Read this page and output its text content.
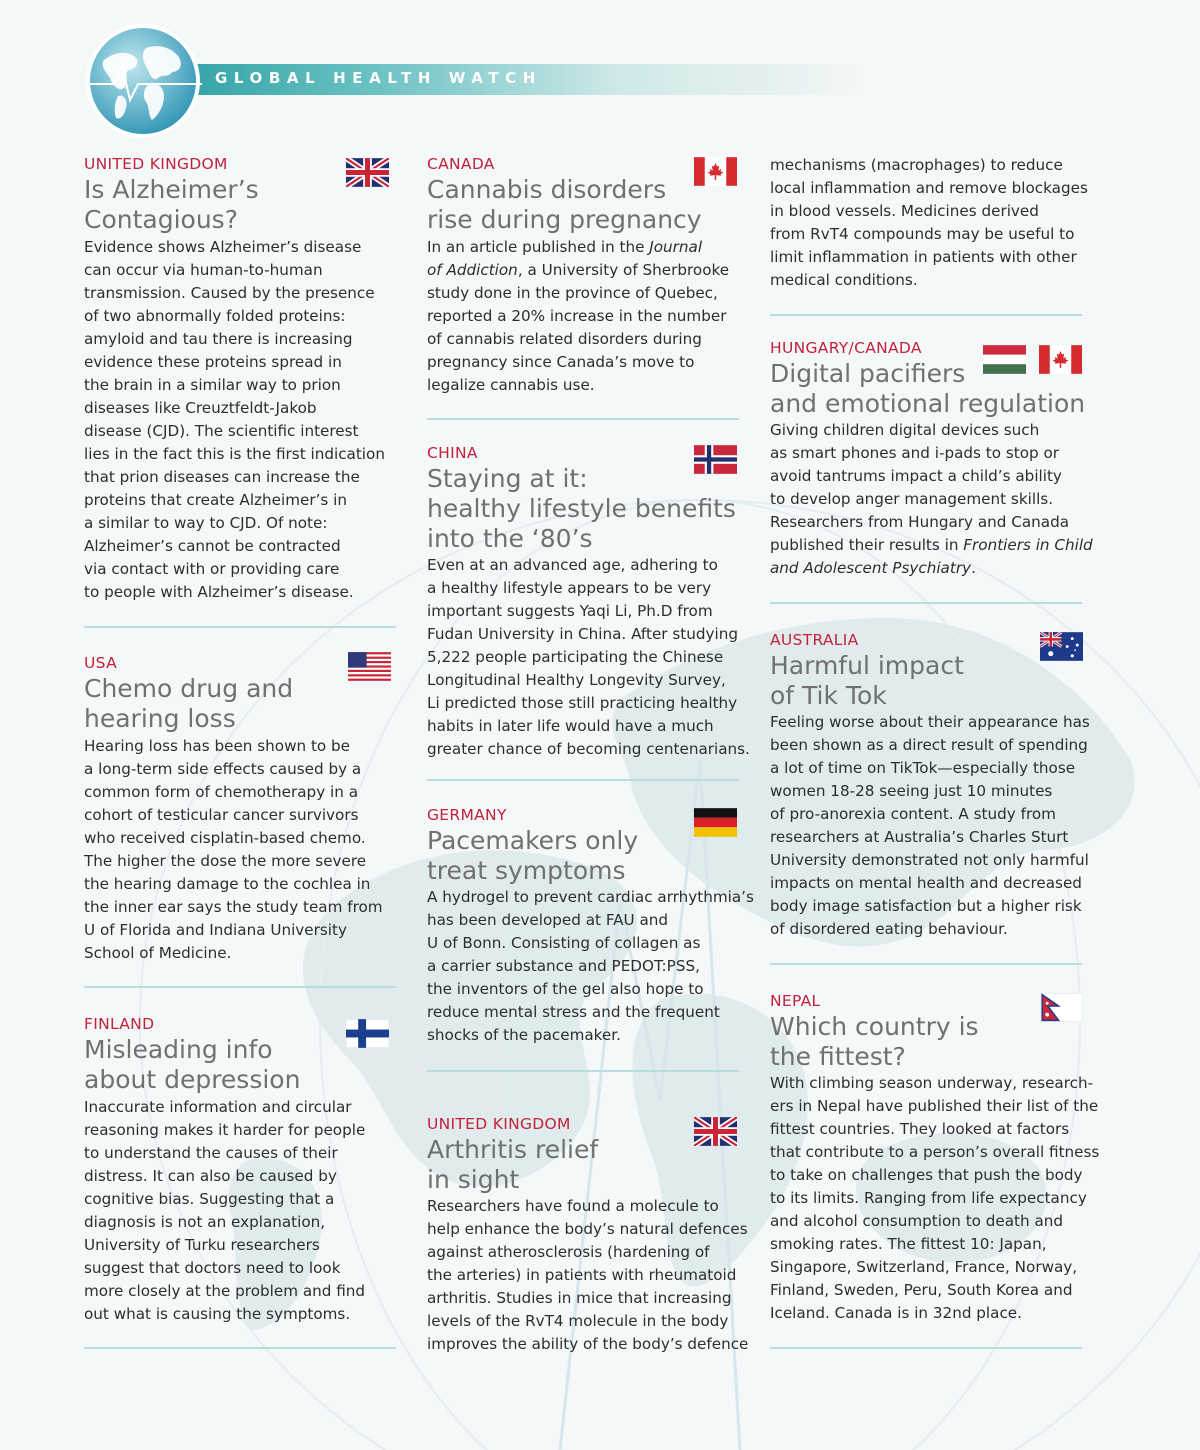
GLOBAL HEALTH WATCH
UNITED KINGDOM
Is Alzheimer’s
Contagious?
Evidence shows Alzheimer’s disease
can occur via human-to-human
transmission. Caused by the presence
of two abnormally folded proteins:
amyloid and tau there is increasing
evidence these proteins spread in
the brain in a similar way to prion
diseases like Creuztfeldt-Jakob
disease (CJD). The scientific interest
lies in the fact this is the first indication
that prion diseases can increase the
proteins that create Alzheimer’s in
a similar to way to CJD. Of note:
Alzheimer’s cannot be contracted
via contact with or providing care
to people with Alzheimer’s disease.
USA
Chemo drug and
hearing loss
Hearing loss has been shown to be
a long-term side effects caused by a
common form of chemotherapy in a
cohort of testicular cancer survivors
who received cisplatin-based chemo.
The higher the dose the more severe
the hearing damage to the cochlea in
the inner ear says the study team from
U of Florida and Indiana University
School of Medicine.
FINLAND
Misleading info
about depression
Inaccurate information and circular
reasoning makes it harder for people
to understand the causes of their
distress. It can also be caused by
cognitive bias. Suggesting that a
diagnosis is not an explanation,
University of Turku researchers
suggest that doctors need to look
more closely at the problem and find
out what is causing the symptoms.
CANADA
Cannabis disorders
rise during pregnancy
In an article published in the Journal
of Addiction, a University of Sherbrooke
study done in the province of Quebec,
reported a 20% increase in the number
of cannabis related disorders during
pregnancy since Canada’s move to
legalize cannabis use.
CHINA
Staying at it:
healthy lifestyle benefits
into the ‘80’s
Even at an advanced age, adhering to
a healthy lifestyle appears to be very
important suggests Yaqi Li, Ph.D from
Fudan University in China. After studying
5,222 people participating the Chinese
Longitudinal Healthy Longevity Survey,
Li predicted those still practicing healthy
habits in later life would have a much
greater chance of becoming centenarians.
GERMANY
Pacemakers only
treat symptoms
A hydrogel to prevent cardiac arrhythmia’s
has been developed at FAU and
U of Bonn. Consisting of collagen as
a carrier substance and PEDOT:PSS,
the inventors of the gel also hope to
reduce mental stress and the frequent
shocks of the pacemaker.
UNITED KINGDOM
Arthritis relief
in sight
Researchers have found a molecule to
help enhance the body’s natural defences
against atherosclerosis (hardening of
the arteries) in patients with rheumatoid
arthritis. Studies in mice that increasing
levels of the RvT4 molecule in the body
improves the ability of the body’s defence
mechanisms (macrophages) to reduce
local inflammation and remove blockages
in blood vessels. Medicines derived
from RvT4 compounds may be useful to
limit inflammation in patients with other
medical conditions.
HUNGARY/CANADA
Digital pacifiers
and emotional regulation
Giving children digital devices such
as smart phones and i-pads to stop or
avoid tantrums impact a child’s ability
to develop anger management skills.
Researchers from Hungary and Canada
published their results in Frontiers in Child
and Adolescent Psychiatry.
AUSTRALIA
Harmful impact
of Tik Tok
Feeling worse about their appearance has
been shown as a direct result of spending
a lot of time on TikTok—especially those
women 18-28 seeing just 10 minutes
of pro-anorexia content. A study from
researchers at Australia’s Charles Sturt
University demonstrated not only harmful
impacts on mental health and decreased
body image satisfaction but a higher risk
of disordered eating behaviour.
NEPAL
Which country is
the fittest?
With climbing season underway, research-
ers in Nepal have published their list of the
fittest countries. They looked at factors
that contribute to a person’s overall fitness
to take on challenges that push the body
to its limits. Ranging from life expectancy
and alcohol consumption to death and
smoking rates. The fittest 10: Japan,
Singapore, Switzerland, France, Norway,
Finland, Sweden, Peru, South Korea and
Iceland. Canada is in 32nd place.
